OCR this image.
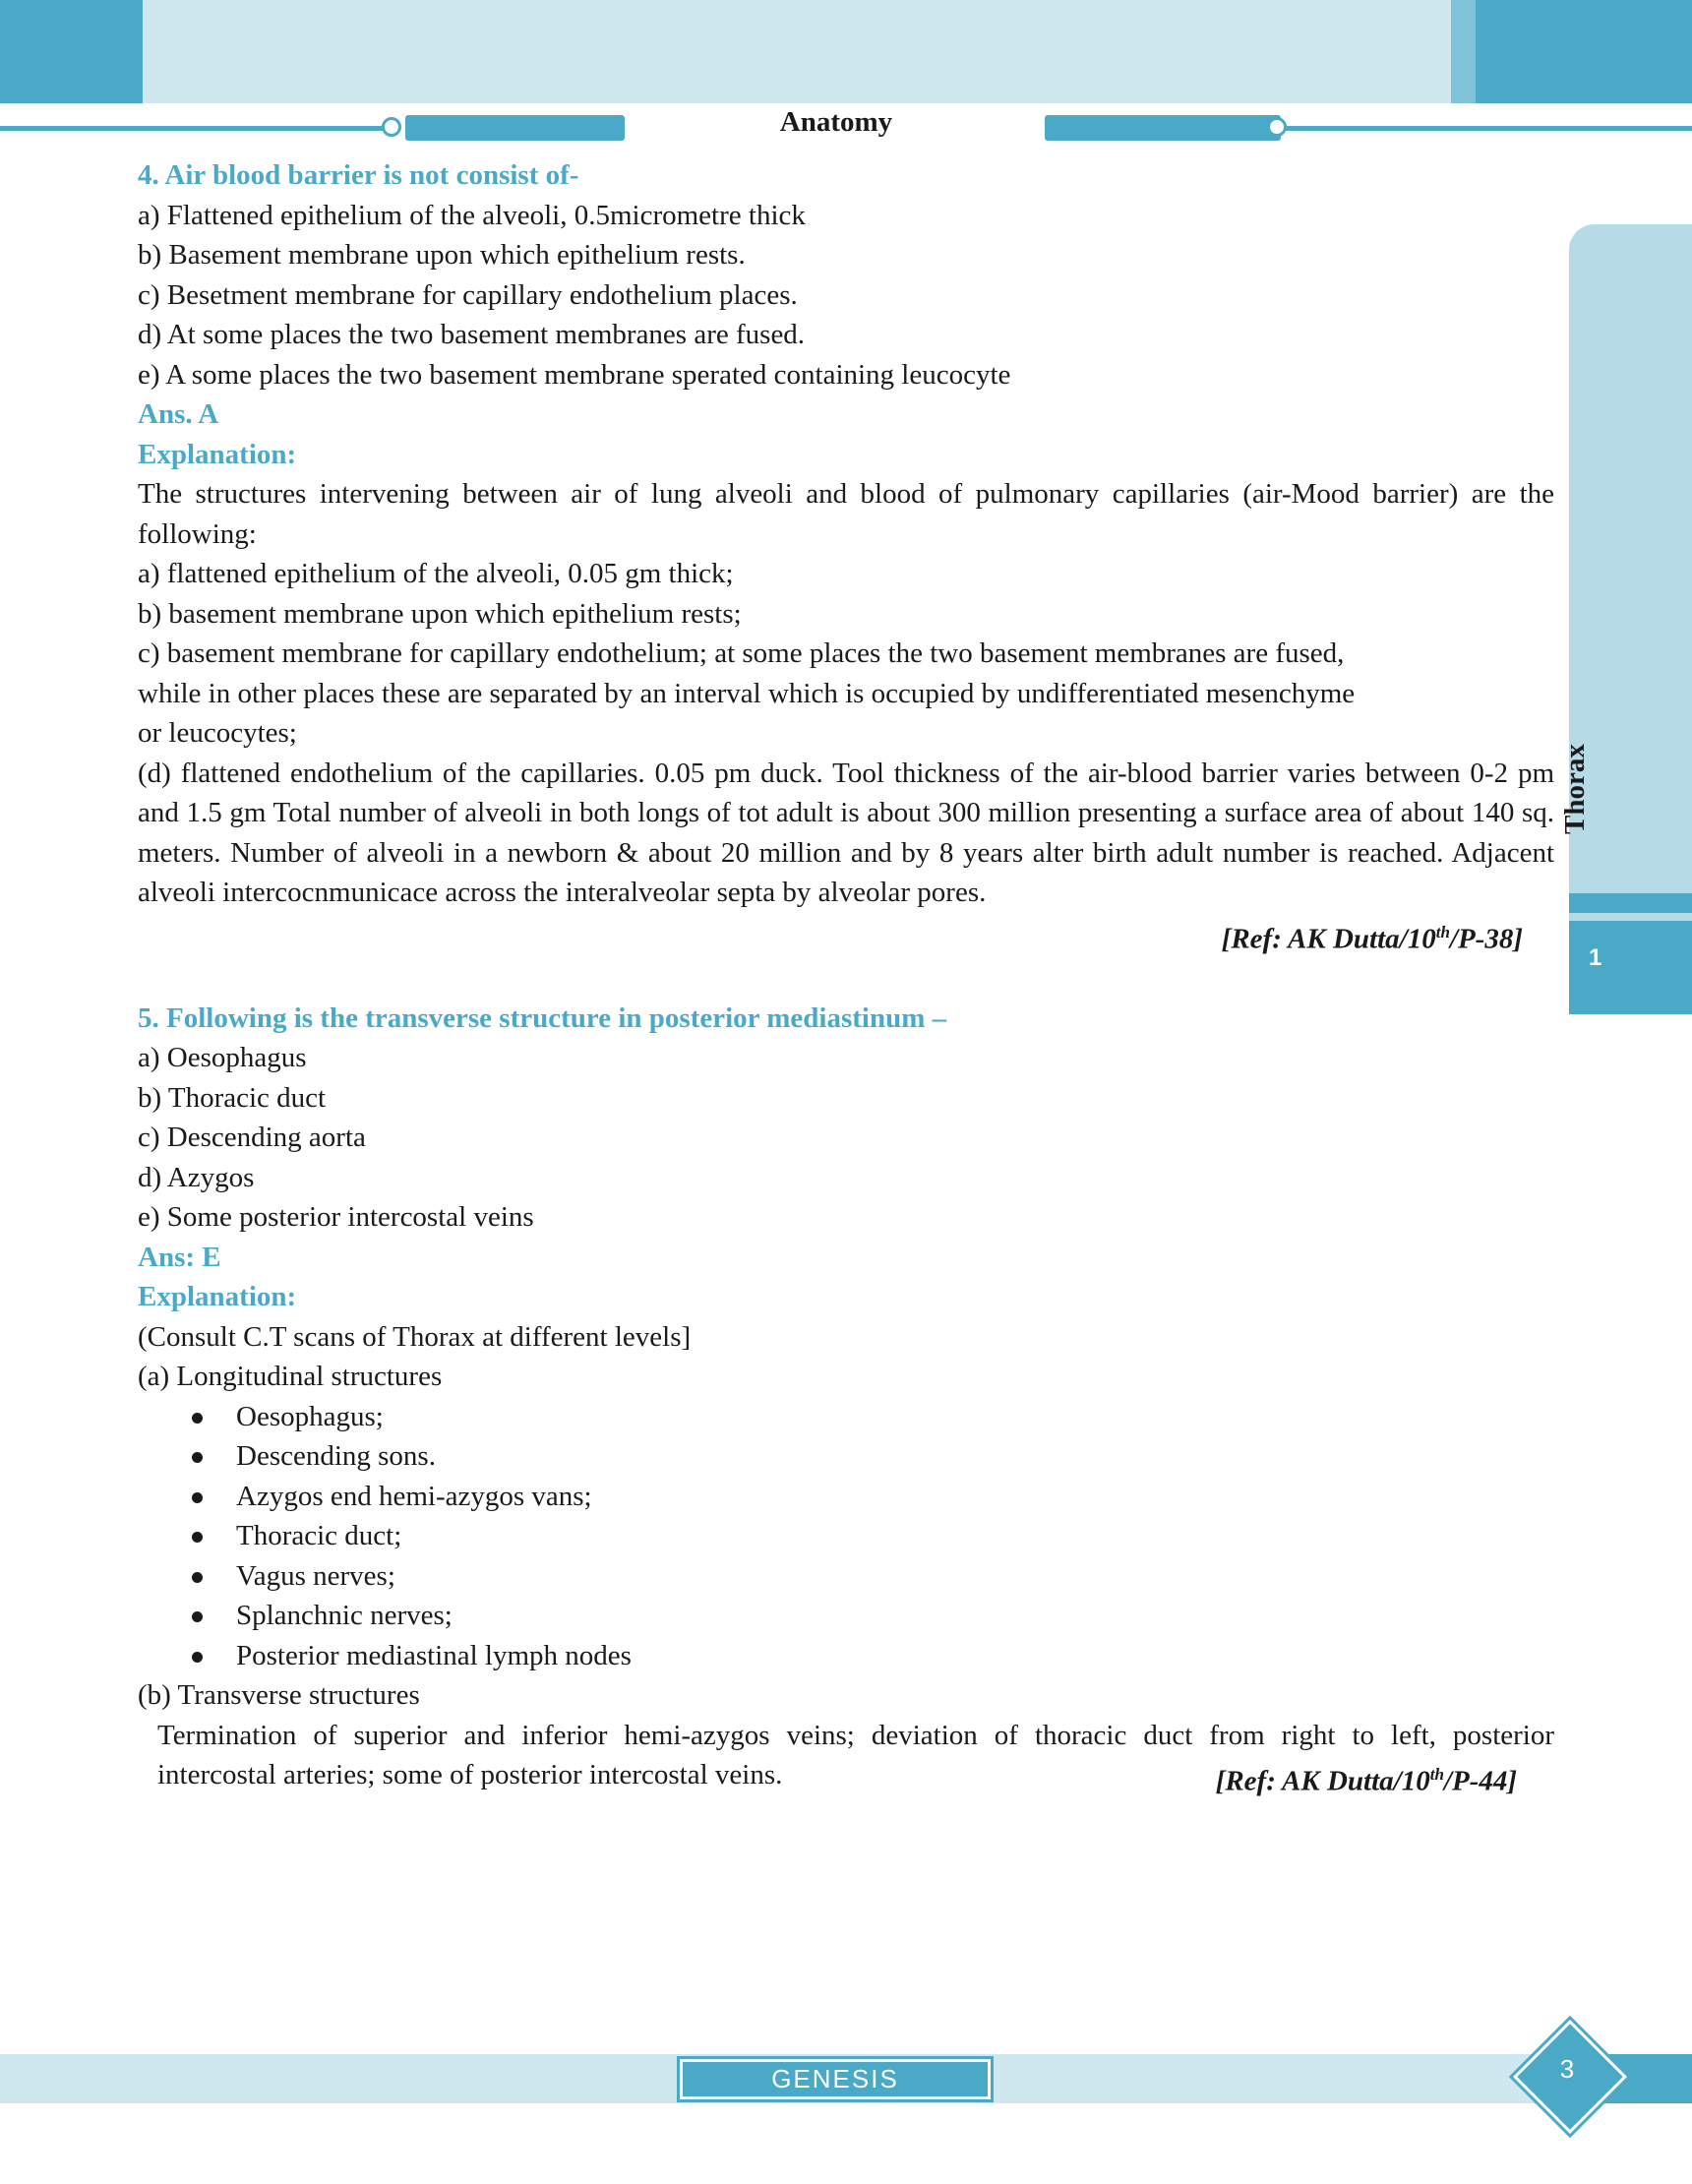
Anatomy
Thorax
1
4. Air blood barrier is not consist of-
a) Flattened epithelium of the alveoli, 0.5micrometre thick
b) Basement membrane upon which epithelium rests.
c) Besetment membrane for capillary endothelium places.
d) At some places the two basement membranes are fused.
e) A some places the two basement membrane sperated containing leucocyte
Ans. A
Explanation:
The structures intervening between air of lung alveoli and blood of pulmonary capillaries (air-Mood barrier) are the following:
a) flattened epithelium of the alveoli, 0.05 gm thick;
b) basement membrane upon which epithelium rests;
c) basement membrane for capillary endothelium; at some places the two basement membranes are fused,
while in other places these are separated by an interval which is occupied by undifferentiated mesenchyme
or leucocytes;
(d) flattened endothelium of the capillaries. 0.05 pm duck. Tool thickness of the air-blood barrier varies between 0-2 pm and 1.5 gm Total number of alveoli in both longs of tot adult is about 300 million presenting a surface area of about 140 sq. meters. Number of alveoli in a newborn & about 20 million and by 8 years alter birth adult number is reached. Adjacent alveoli intercocnmunicace across the interalveolar septa by alveolar pores.
[Ref: AK Dutta/10th/P-38]
5. Following is the transverse structure in posterior mediastinum –
a) Oesophagus
b) Thoracic duct
c) Descending aorta
d) Azygos
e) Some posterior intercostal veins
Ans: E
Explanation:
(Consult C.T scans of Thorax at different levels]
(a) Longitudinal structures
Oesophagus;
Descending sons.
Azygos end hemi-azygos vans;
Thoracic duct;
Vagus nerves;
Splanchnic nerves;
Posterior mediastinal lymph nodes
(b) Transverse structures
Termination of superior and inferior hemi-azygos veins; deviation of thoracic duct from right to left, posterior
intercostal arteries; some of posterior intercostal veins.	[Ref: AK Dutta/10th/P-44]
GENESIS	3
